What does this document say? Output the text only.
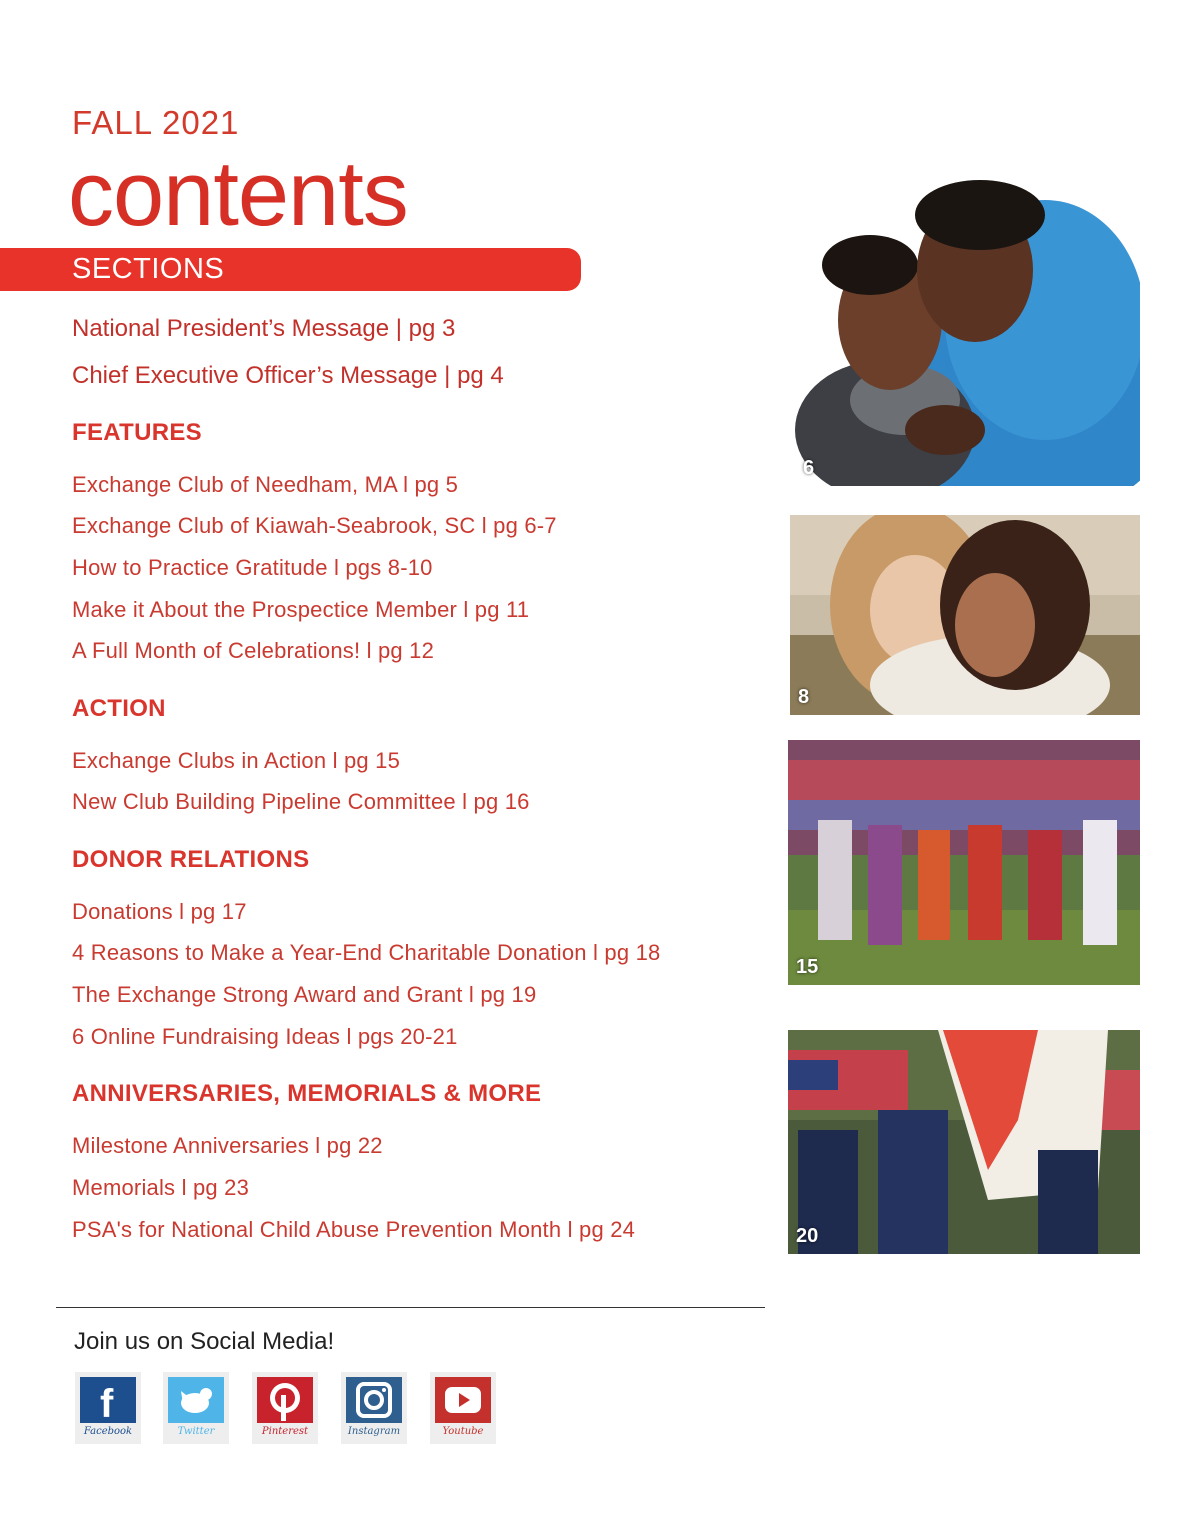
FALL 2021
contents
SECTIONS
National President’s Message | pg 3
Chief Executive Officer’s Message | pg 4
FEATURES
Exchange Club of Needham, MA l pg 5
Exchange Club of Kiawah-Seabrook, SC l pg 6-7
How to Practice Gratitude l pgs 8-10
Make it About the Prospectice Member l pg 11
A Full Month of Celebrations! l pg 12
ACTION
Exchange Clubs in Action l pg 15
New Club Building Pipeline Committee l pg 16
DONOR RELATIONS
Donations l pg 17
4 Reasons to Make a Year-End Charitable Donation l pg 18
The Exchange Strong Award and Grant l pg 19
6 Online Fundraising Ideas l pgs 20-21
ANNIVERSARIES, MEMORIALS & MORE
Milestone Anniversaries l pg 22
Memorials l pg 23
PSA's for National Child Abuse Prevention Month l pg 24
6
8
15
20
Join us on Social Media!
f
Facebook	Twitter	Pinterest	Instagram	Youtube
